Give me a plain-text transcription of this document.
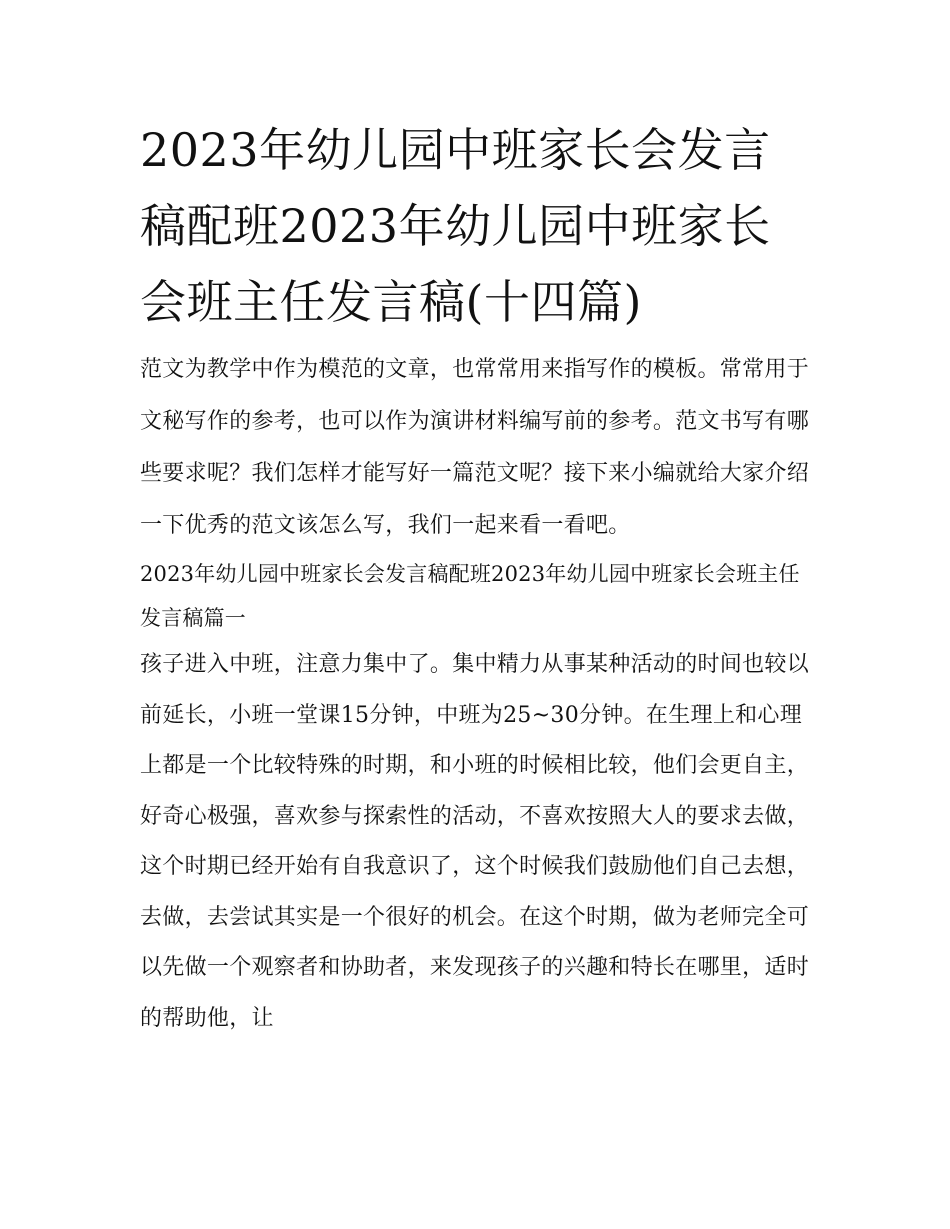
2023年幼儿园中班家长会发言稿配班2023年幼儿园中班家长会班主任发言稿(十四篇)

范文为教学中作为模范的文章，也常常用来指写作的模板。常常用于文秘写作的参考，也可以作为演讲材料编写前的参考。范文书写有哪些要求呢？我们怎样才能写好一篇范文呢？接下来小编就给大家介绍一下优秀的范文该怎么写，我们一起来看一看吧。

2023年幼儿园中班家长会发言稿配班2023年幼儿园中班家长会班主任发言稿篇一

孩子进入中班，注意力集中了。集中精力从事某种活动的时间也较以前延长，小班一堂课15分钟，中班为25~30分钟。在生理上和心理上都是一个比较特殊的时期，和小班的时候相比较，他们会更自主，好奇心极强，喜欢参与探索性的活动，不喜欢按照大人的要求去做，这个时期已经开始有自我意识了，这个时候我们鼓励他们自己去想，去做，去尝试其实是一个很好的机会。在这个时期，做为老师完全可以先做一个观察者和协助者，来发现孩子的兴趣和特长在哪里，适时的帮助他，让
